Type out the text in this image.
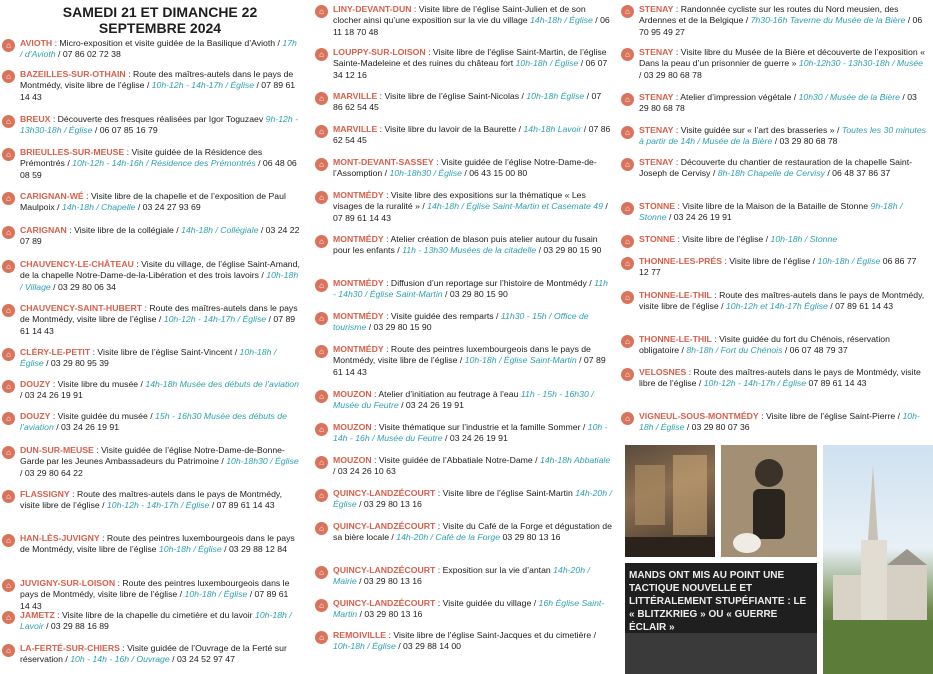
SAMEDI 21 ET DIMANCHE 22
SEPTEMBRE 2024
⌂	AVIOTH : Micro-exposition et visite guidée de la Basilique d’Avioth / 17h / d’Avioth / 07 86 02 72 38
⌂	BAZEILLES-SUR-OTHAIN : Route des maîtres-autels dans le pays de Montmédy, visite libre de l’église / 10h-12h - 14h-17h / Église / 07 89 61 14 43
⌂	BREUX : Découverte des fresques réalisées par Igor Toguzaev 9h-12h - 13h30-18h / Église / 06 07 85 16 79
⌂	BRIEULLES-SUR-MEUSE : Visite guidée de la Résidence des Prémontrés / 10h-12h - 14h-16h / Résidence des Prémontrés / 06 48 06 08 59
⌂	CARIGNAN-WÉ : Visite libre de la chapelle et de l’exposition de Paul Maulpoix / 14h-18h / Chapelle / 03 24 27 93 69
⌂	CARIGNAN : Visite libre de la collégiale / 14h-18h / Collégiale / 03 24 22 07 89
⌂	CHAUVENCY-LE-CHÂTEAU : Visite du village, de l’église Saint-Amand, de la chapelle Notre-Dame-de-la-Libération et des trois lavoirs / 10h-18h / Village / 03 29 80 06 34
⌂	CHAUVENCY-SAINT-HUBERT : Route des maîtres-autels dans le pays de Montmédy, visite libre de l’église / 10h-12h - 14h-17h / Église / 07 89 61 14 43
⌂	CLÉRY-LE-PETIT : Visite libre de l’église Saint-Vincent / 10h-18h / Église / 03 29 80 95 39
⌂	DOUZY : Visite libre du musée / 14h-18h Musée des débuts de l’aviation / 03 24 26 19 91
⌂	DOUZY : Visite guidée du musée / 15h - 16h30 Musée des débuts de l’aviation / 03 24 26 19 91
⌂	DUN-SUR-MEUSE : Visite guidée de l’église Notre-Dame-de-Bonne-Garde par les Jeunes Ambassadeurs du Patrimoine / 10h-18h30 / Église / 03 29 80 64 22
⌂	FLASSIGNY : Route des maîtres-autels dans le pays de Montmédy, visite libre de l’église / 10h-12h - 14h-17h / Église / 07 89 61 14 43
⌂	HAN-LÈS-JUVIGNY : Route des peintres luxembourgeois dans le pays de Montmédy, visite libre de l’église 10h-18h / Église / 03 29 88 12 84
⌂	JUVIGNY-SUR-LOISON : Route des peintres luxembourgeois dans le pays de Montmédy, visite libre de l’église / 10h-18h / Église / 07 89 61 14 43
⌂	JAMETZ : Visite libre de la chapelle du cimetière et du lavoir 10h-18h / Lavoir / 03 29 88 16 89
⌂	LA-FERTÉ-SUR-CHIERS : Visite guidée de l’Ouvrage de la Ferté sur réservation / 10h - 14h - 16h / Ouvrage / 03 24 52 97 47
⌂	LINY-DEVANT-DUN : Visite libre de l’église Saint-Julien et de son clocher ainsi qu’une exposition sur la vie du village 14h-18h / Église / 06 11 18 70 48
⌂	LOUPPY-SUR-LOISON : Visite libre de l’église Saint-Martin, de l’église Sainte-Madeleine et des ruines du château fort 10h-18h / Église / 06 07 34 12 16
⌂	MARVILLE : Visite libre de l’église Saint-Nicolas / 10h-18h Église / 07 86 62 54 45
⌂	MARVILLE : Visite libre du lavoir de la Baurette / 14h-18h Lavoir / 07 86 62 54 45
⌂	MONT-DEVANT-SASSEY : Visite guidée de l’église Notre-Dame-de-l’Assomption / 10h-18h30 / Église / 06 43 15 00 80
⌂	MONTMÉDY : Visite libre des expositions sur la thématique « Les visages de la ruralité » / 14h-18h / Église Saint-Martin et Casemate 49 / 07 89 61 14 43
⌂	MONTMÉDY : Atelier création de blason puis atelier autour du fusain pour les enfants / 11h - 13h30 Musées de la citadelle / 03 29 80 15 90
⌂	MONTMÉDY : Diffusion d’un reportage sur l’histoire de Montmédy / 11h - 14h30 / Église Saint-Martin / 03 29 80 15 90
⌂	MONTMÉDY : Visite guidée des remparts / 11h30 - 15h / Office de tourisme / 03 29 80 15 90
⌂	MONTMÉDY : Route des peintres luxembourgeois dans le pays de Montmédy, visite libre de l’église / 10h-18h / Église Saint-Martin / 07 89 61 14 43
⌂	MOUZON : Atelier d’initiation au feutrage à l’eau 11h - 15h - 16h30 / Musée du Feutre / 03 24 26 19 91
⌂	MOUZON : Visite thématique sur l’industrie et la famille Sommer / 10h - 14h - 16h / Musée du Feutre / 03 24 26 19 91
⌂	MOUZON : Visite guidée de l’Abbatiale Notre-Dame / 14h-18h Abbatiale / 03 24 26 10 63
⌂	QUINCY-LANDZÉCOURT : Visite libre de l’église Saint-Martin 14h-20h / Église / 03 29 80 13 16
⌂	QUINCY-LANDZÉCOURT : Visite du Café de la Forge et dégustation de sa bière locale / 14h-20h / Café de la Forge 03 29 80 13 16
⌂	QUINCY-LANDZÉCOURT : Exposition sur la vie d’antan 14h-20h / Mairie / 03 29 80 13 16
⌂	QUINCY-LANDZÉCOURT : Visite guidée du village / 16h Église Saint-Martin / 03 29 80 13 16
⌂	REMOIVILLE : Visite libre de l’église Saint-Jacques et du cimetière / 10h-18h / Église / 03 29 88 14 00
⌂	STENAY : Randonnée cycliste sur les routes du Nord meusien, des Ardennes et de la Belgique / 7h30-16h Taverne du Musée de la Bière / 06 70 95 49 27
⌂	STENAY : Visite libre du Musée de la Bière et découverte de l’exposition « Dans la peau d’un prisonnier de guerre » 10h-12h30 - 13h30-18h / Musée / 03 29 80 68 78
⌂	STENAY : Atelier d’impression végétale / 10h30 / Musée de la Bière / 03 29 80 68 78
⌂	STENAY : Visite guidée sur « l’art des brasseries » / Toutes les 30 minutes à partir de 14h / Musée de la Bière / 03 29 80 68 78
⌂	STENAY : Découverte du chantier de restauration de la chapelle Saint-Joseph de Cervisy / 8h-18h Chapelle de Cervisy / 06 48 37 86 37
⌂	STONNE : Visite libre de la Maison de la Bataille de Stonne 9h-18h / Stonne / 03 24 26 19 91
⌂	STONNE : Visite libre de l’église / 10h-18h / Stonne
⌂	THONNE-LES-PRÉS : Visite libre de l’église / 10h-18h / Église 06 86 77 12 77
⌂	THONNE-LE-THIL : Route des maîtres-autels dans le pays de Montmédy, visite libre de l’église / 10h-12h et 14h-17h Église / 07 89 61 14 43
⌂	THONNE-LE-THIL : Visite guidée du fort du Chénois, réservation obligatoire / 8h-18h / Fort du Chénois / 06 07 48 79 37
⌂	VELOSNES : Route des maîtres-autels dans le pays de Montmédy, visite libre de l’église / 10h-12h - 14h-17h / Église 07 89 61 14 43
⌂	VIGNEUL-SOUS-MONTMÉDY : Visite libre de l’église Saint-Pierre / 10h-18h / Église / 03 29 80 07 36
MANDS ONT MIS AU POINT UNE TACTIQUE NOUVELLE ET LITTÉRALEMENT STUPÉFIANTE : LE « BLITZKRIEG » OU « GUERRE ÉCLAIR »
